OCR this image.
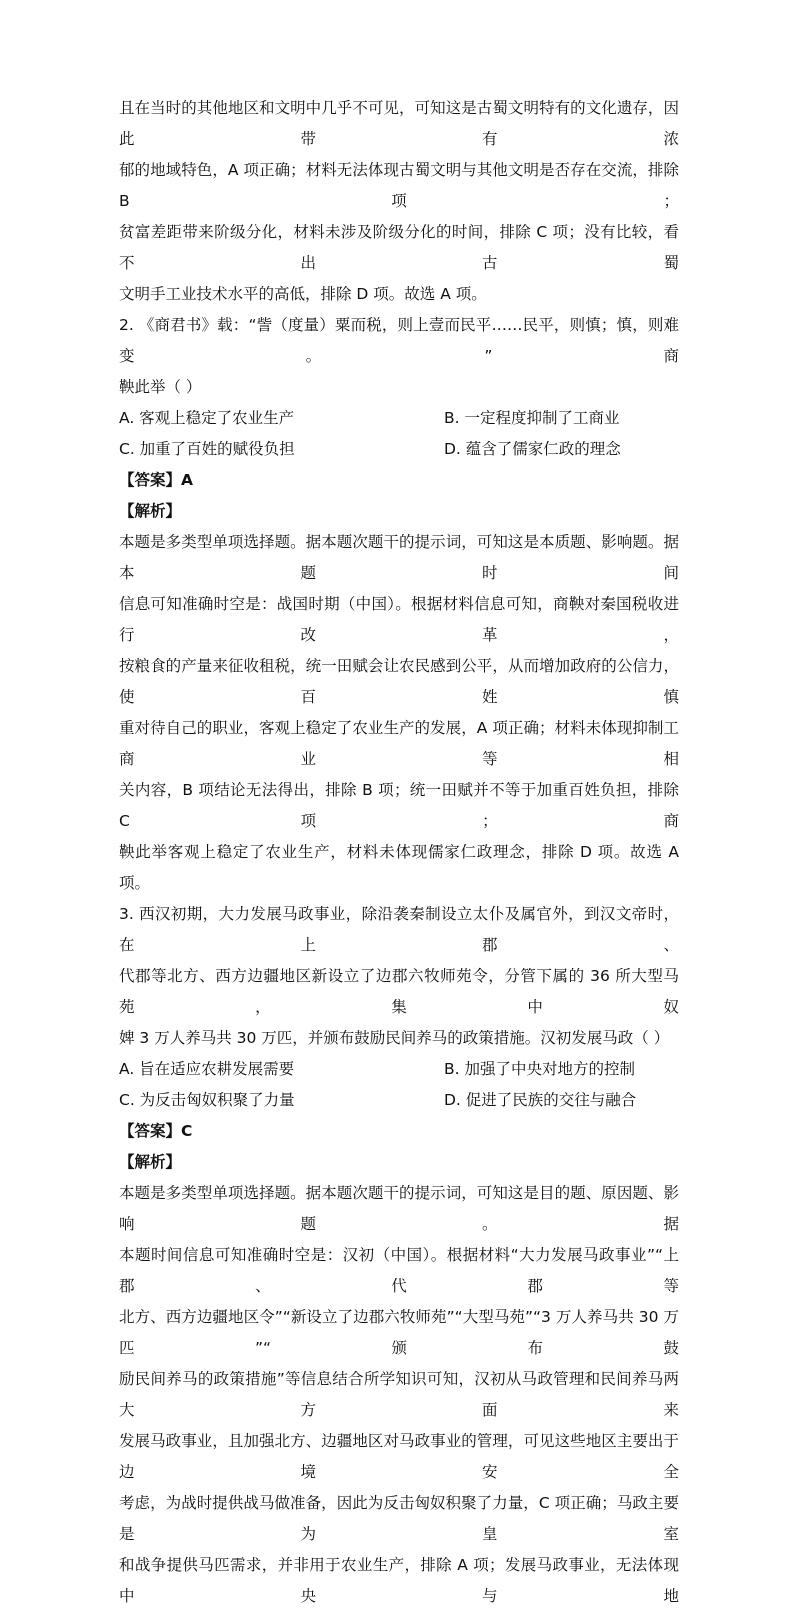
且在当时的其他地区和文明中几乎不可见，可知这是古蜀文明特有的文化遗存，因此带有浓
郁的地域特色，A 项正确；材料无法体现古蜀文明与其他文明是否存在交流，排除 B 项；
贫富差距带来阶级分化，材料未涉及阶级分化的时间，排除 C 项；没有比较，看不出古蜀
文明手工业技术水平的高低，排除 D 项。故选 A 项。
2. 《商君书》载：“訾（度量）粟而税，则上壹而民平……民平，则慎；慎，则难变。”商
鞅此举（ ）
A. 客观上稳定了农业生产	B. 一定程度抑制了工商业
C. 加重了百姓的赋役负担	D. 蕴含了儒家仁政的理念
【答案】A
【解析】
本题是多类型单项选择题。据本题次题干的提示词，可知这是本质题、影响题。据本题时间
信息可知准确时空是：战国时期（中国）。根据材料信息可知，商鞅对秦国税收进行改革，
按粮食的产量来征收租税，统一田赋会让农民感到公平，从而增加政府的公信力，使百姓慎
重对待自己的职业，客观上稳定了农业生产的发展，A 项正确；材料未体现抑制工商业等相
关内容，B 项结论无法得出，排除 B 项；统一田赋并不等于加重百姓负担，排除 C 项；商
鞅此举客观上稳定了农业生产，材料未体现儒家仁政理念，排除 D 项。故选 A 项。
3. 西汉初期，大力发展马政事业，除沿袭秦制设立太仆及属官外，到汉文帝时，在上郡、
代郡等北方、西方边疆地区新设立了边郡六牧师苑令，分管下属的 36 所大型马苑，集中奴
婢 3 万人养马共 30 万匹，并颁布鼓励民间养马的政策措施。汉初发展马政（ ）
A. 旨在适应农耕发展需要	B. 加强了中央对地方的控制
C. 为反击匈奴积聚了力量	D. 促进了民族的交往与融合
【答案】C
【解析】
本题是多类型单项选择题。据本题次题干的提示词，可知这是目的题、原因题、影响题。据
本题时间信息可知准确时空是：汉初（中国）。根据材料“大力发展马政事业”“上郡、代郡等
北方、西方边疆地区令”“新设立了边郡六牧师苑”“大型马苑”“3 万人养马共 30 万匹”“颁布鼓
励民间养马的政策措施”等信息结合所学知识可知，汉初从马政管理和民间养马两大方面来
发展马政事业，且加强北方、边疆地区对马政事业的管理，可见这些地区主要出于边境安全
考虑，为战时提供战马做准备，因此为反击匈奴积聚了力量，C 项正确；马政主要是为皇室
和战争提供马匹需求，并非用于农业生产，排除 A 项；发展马政事业，无法体现中央与地
